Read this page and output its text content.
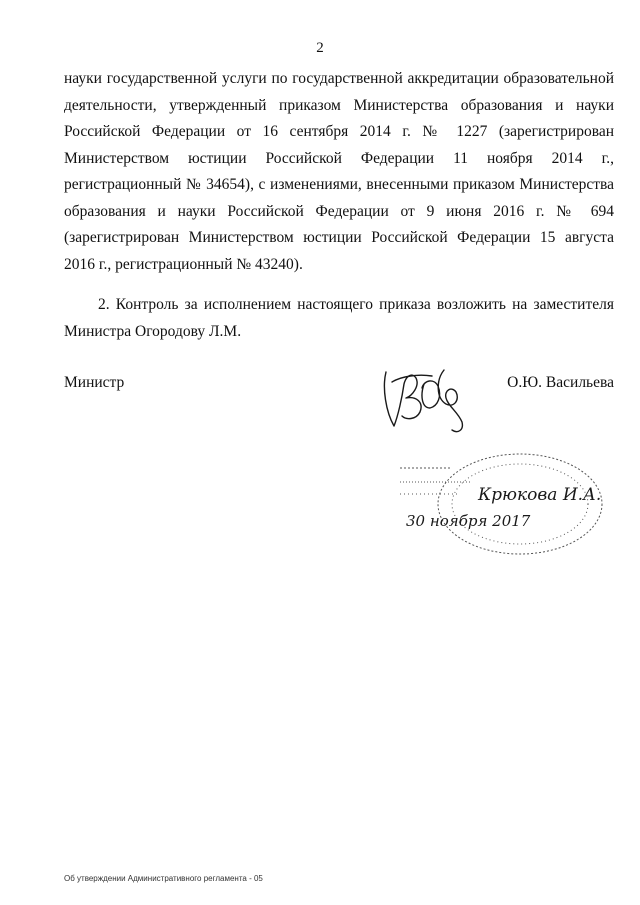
2

науки государственной услуги по государственной аккредитации образовательной деятельности, утвержденный приказом Министерства образования и науки Российской Федерации от 16 сентября 2014 г. № 1227 (зарегистрирован Министерством юстиции Российской Федерации 11 ноября 2014 г., регистрационный № 34654), с изменениями, внесенными приказом Министерства образования и науки Российской Федерации от 9 июня 2016 г. № 694 (зарегистрирован Министерством юстиции Российской Федерации 15 августа 2016 г., регистрационный № 43240).

2. Контроль за исполнением настоящего приказа возложить на заместителя Министра Огородову Л.М.

Министр	О.Ю. Васильева
Крюкова И.А.
30 ноября 2017
Об утверждении Административного регламента - 05
